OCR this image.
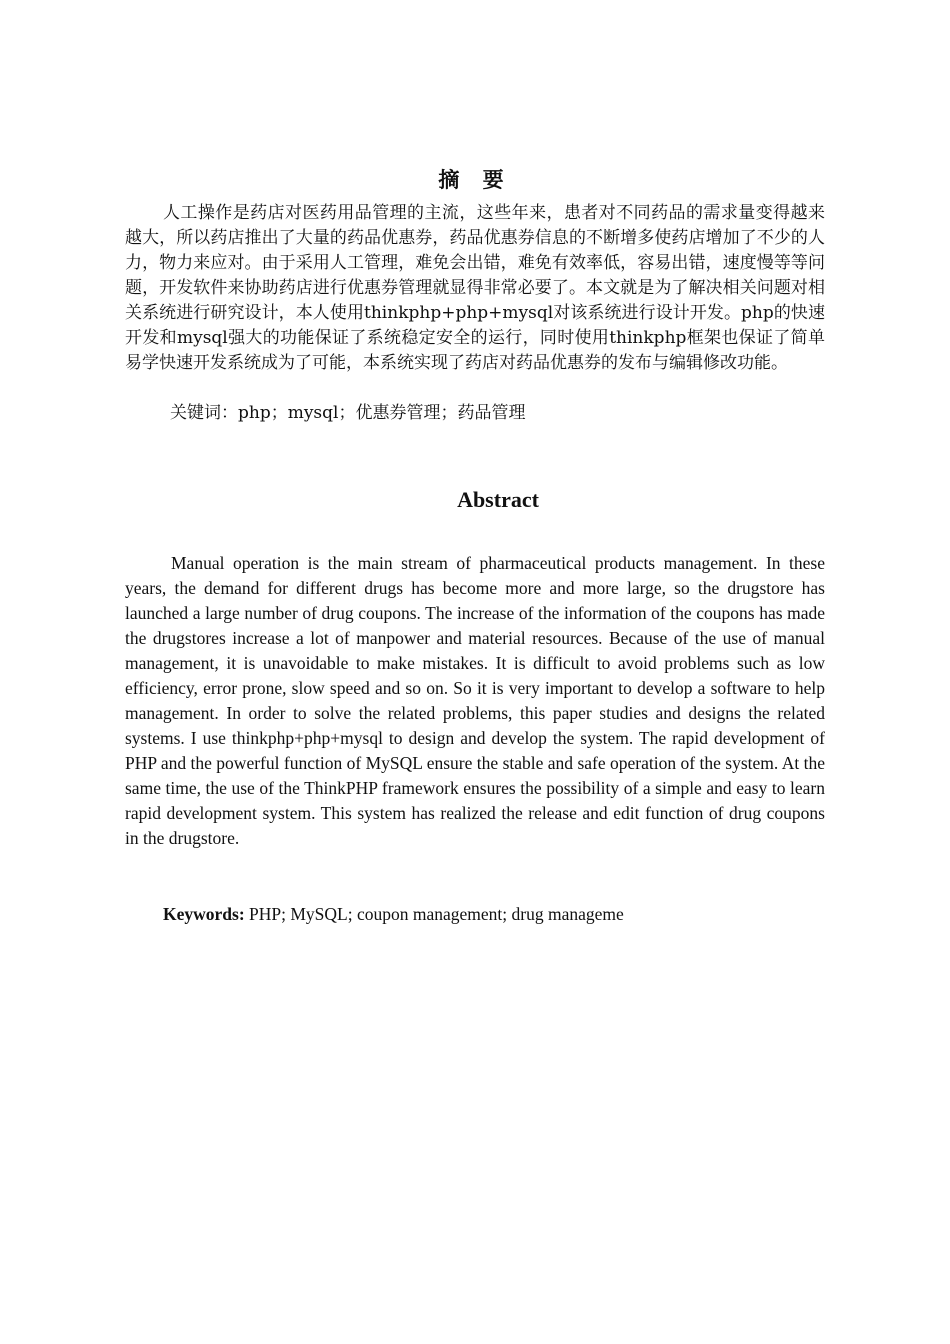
摘 要

人工操作是药店对医药用品管理的主流，这些年来，患者对不同药品的需求量变得越来越大，所以药店推出了大量的药品优惠券，药品优惠券信息的不断增多使药店增加了不少的人力，物力来应对。由于采用人工管理，难免会出错，难免有效率低，容易出错，速度慢等等问题，开发软件来协助药店进行优惠券管理就显得非常必要了。本文就是为了解决相关问题对相关系统进行研究设计，本人使用thinkphp+php+mysql对该系统进行设计开发。php的快速开发和mysql强大的功能保证了系统稳定安全的运行，同时使用thinkphp框架也保证了简单易学快速开发系统成为了可能，本系统实现了药店对药品优惠券的发布与编辑修改功能。

关键词：php；mysql；优惠券管理；药品管理

Abstract

Manual operation is the main stream of pharmaceutical products management. In these years, the demand for different drugs has become more and more large, so the drugstore has launched a large number of drug coupons. The increase of the information of the coupons has made the drugstores increase a lot of manpower and material resources. Because of the use of manual management, it is unavoidable to make mistakes. It is difficult to avoid problems such as low efficiency, error prone, slow speed and so on. So it is very important to develop a software to help management. In order to solve the related problems, this paper studies and designs the related systems. I use thinkphp+php+mysql to design and develop the system. The rapid development of PHP and the powerful function of MySQL ensure the stable and safe operation of the system. At the same time, the use of the ThinkPHP framework ensures the possibility of a simple and easy to learn rapid development system. This system has realized the release and edit function of drug coupons in the drugstore.

Keywords: PHP; MySQL; coupon management; drug manageme
